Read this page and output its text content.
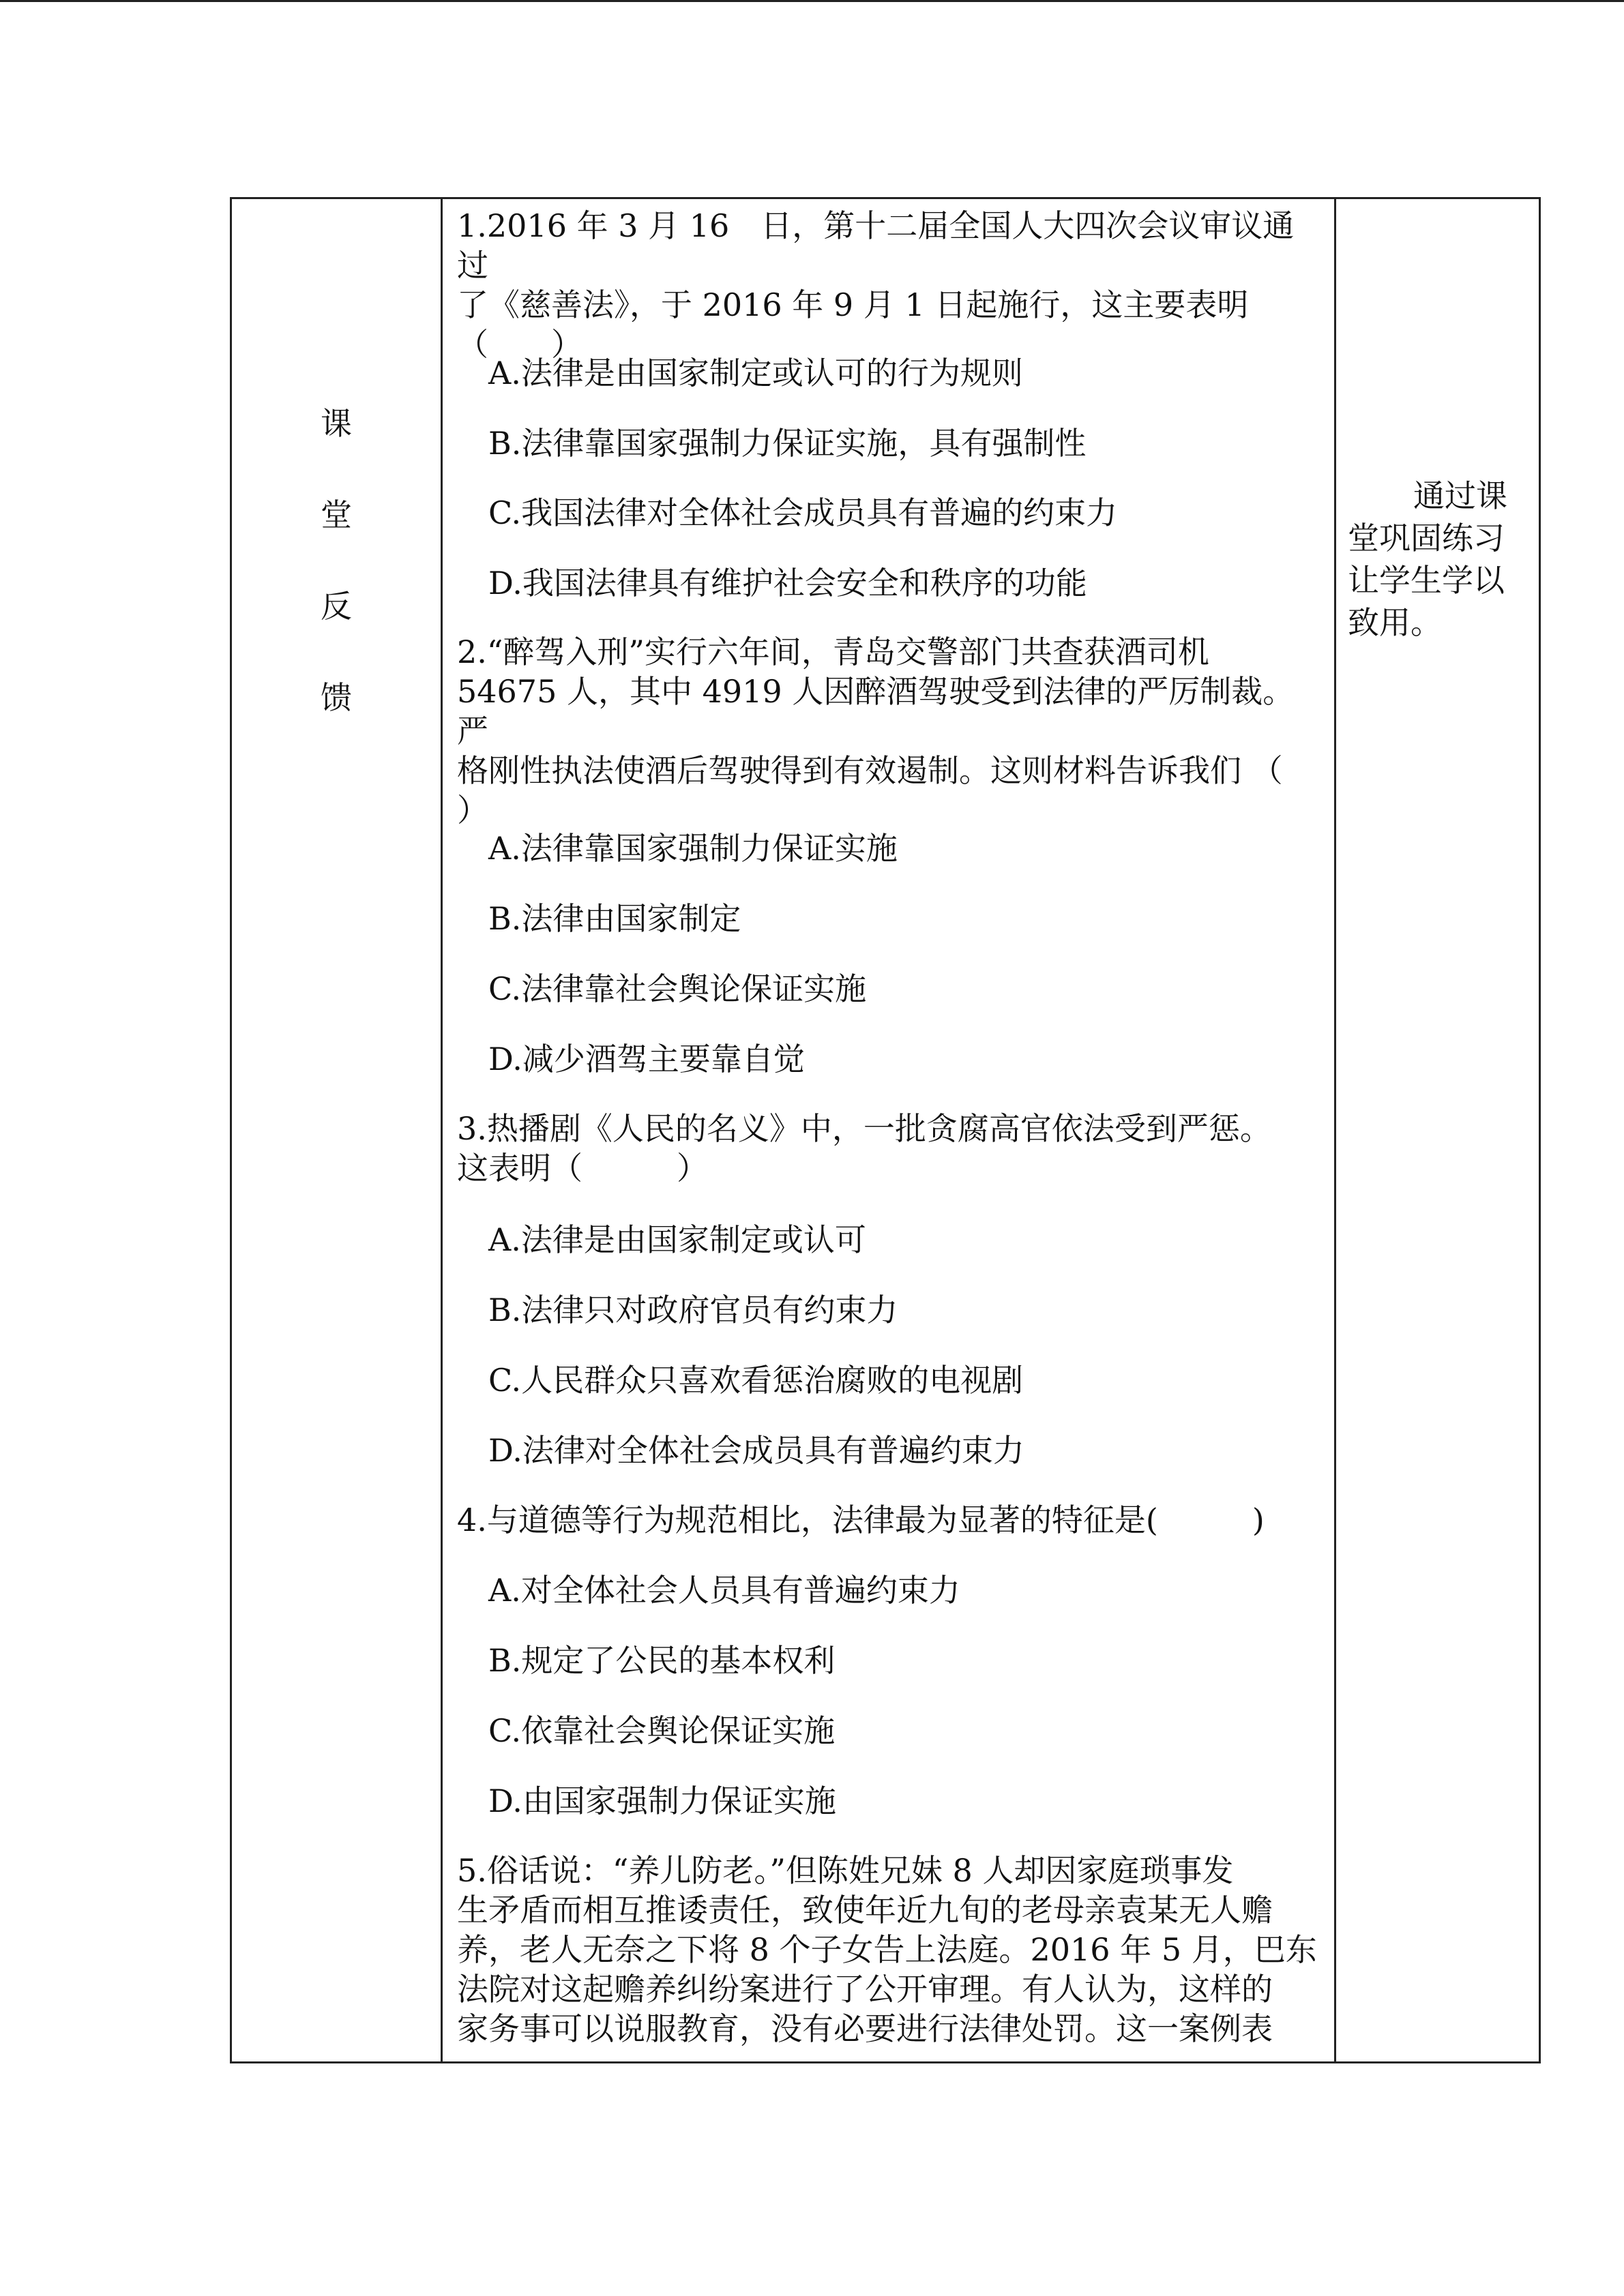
课
堂
反
馈
1.2016 年 3 月 16　日，第十二届全国人大四次会议审议通过
了《慈善法》，于 2016 年 9 月 1 日起施行，这主要表明
（　　）
A.法律是由国家制定或认可的行为规则
B.法律靠国家强制力保证实施，具有强制性
C.我国法律对全体社会成员具有普遍的约束力
D.我国法律具有维护社会安全和秩序的功能
2.“醉驾入刑”实行六年间，青岛交警部门共查获酒司机
54675 人，其中 4919 人因醉酒驾驶受到法律的严厉制裁。严
格刚性执法使酒后驾驶得到有效遏制。这则材料告诉我们 （
）
A.法律靠国家强制力保证实施
B.法律由国家制定
C.法律靠社会舆论保证实施
D.减少酒驾主要靠自觉
3.热播剧《人民的名义》中，一批贪腐高官依法受到严惩。
这表明（　　　）
A.法律是由国家制定或认可
B.法律只对政府官员有约束力
C.人民群众只喜欢看惩治腐败的电视剧
D.法律对全体社会成员具有普遍约束力
4.与道德等行为规范相比，法律最为显著的特征是(　　　)
A.对全体社会人员具有普遍约束力
B.规定了公民的基本权利
C.依靠社会舆论保证实施
D.由国家强制力保证实施
5.俗话说：“养儿防老。”但陈姓兄妹 8 人却因家庭琐事发
生矛盾而相互推诿责任，致使年近九旬的老母亲袁某无人赡
养，老人无奈之下将 8 个子女告上法庭。2016 年 5 月，巴东
法院对这起赡养纠纷案进行了公开审理。有人认为，这样的
家务事可以说服教育，没有必要进行法律处罚。这一案例表
通过课
堂巩固练习
让学生学以
致用。
